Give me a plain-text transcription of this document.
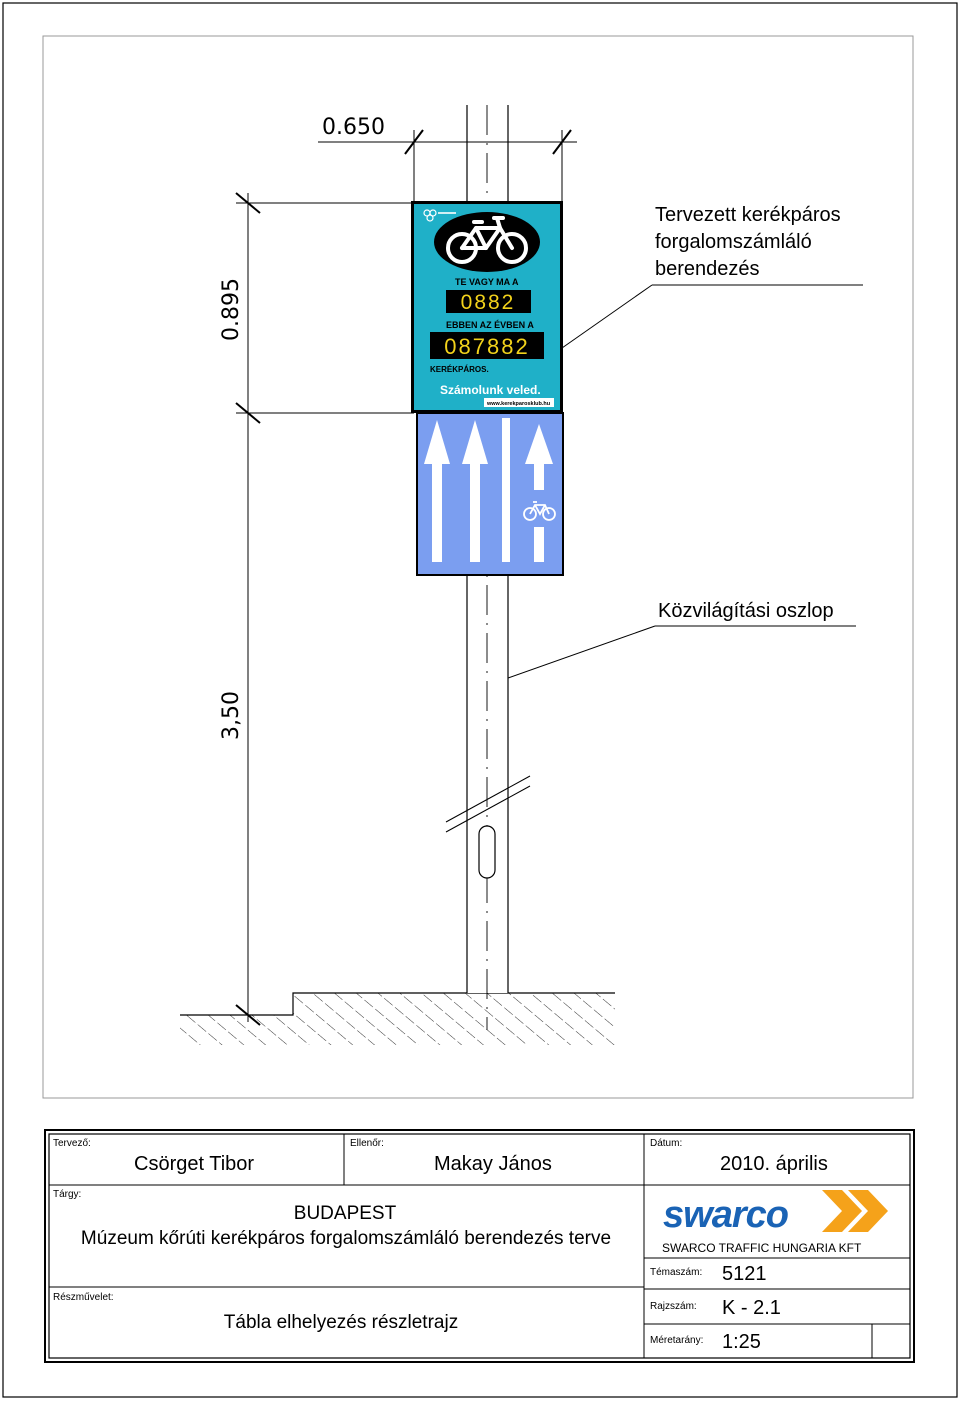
0.650
0.895
3,50
TE VAGY MA A
0882
EBBEN AZ ÉVBEN A
087882
KERÉKPÁROS.
Számolunk veled.
www.kerekparosklub.hu
Tervezett kerékpáros
forgalomszámláló
berendezés
Közvilágítási oszlop
Tervező:
Csörget Tibor
Ellenőr:
Makay János
Dátum:
2010. április
Tárgy:
BUDAPEST
Múzeum kőrúti kerékpáros forgalomszámláló berendezés terve
swarco
SWARCO TRAFFIC HUNGARIA KFT
Témaszám: 5121
Rajzszám: K - 2.1
Méretarány: 1:25
Részművelet:
Tábla elhelyezés részletrajz
